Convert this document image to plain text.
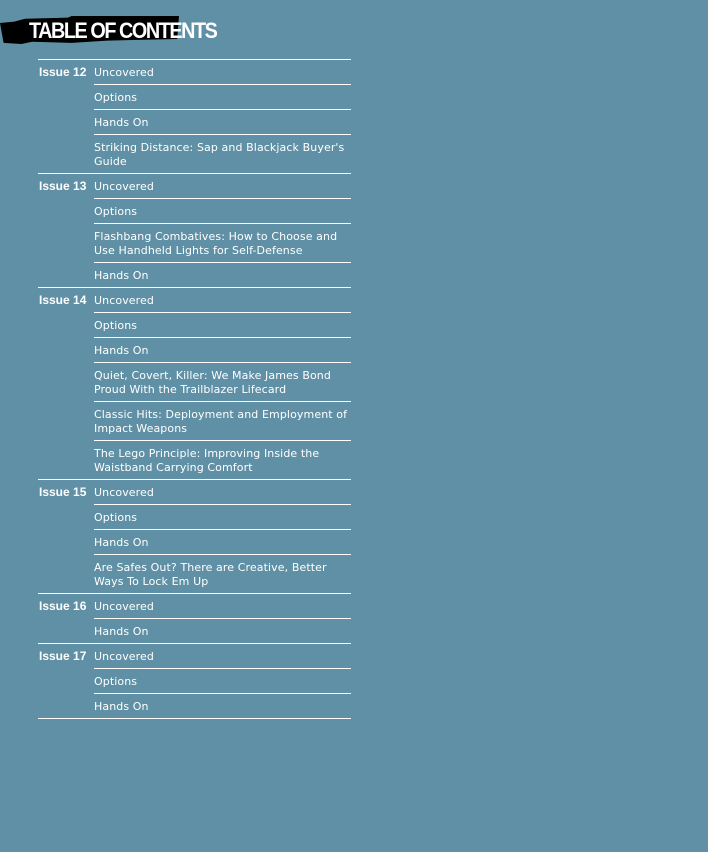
TABLE OF CONTENTS
Issue 12 Uncovered
Options
Hands On
Striking Distance: Sap and Blackjack Buyer's Guide
Issue 13 Uncovered
Options
Flashbang Combatives: How to Choose and Use Handheld Lights for Self-Defense
Hands On
Issue 14 Uncovered
Options
Hands On
Quiet, Covert, Killer: We Make James Bond Proud With the Trailblazer Lifecard
Classic Hits: Deployment and Employment of Impact Weapons
The Lego Principle: Improving Inside the Waistband Carrying Comfort
Issue 15 Uncovered
Options
Hands On
Are Safes Out? There are Creative, Better Ways To Lock Em Up
Issue 16 Uncovered
Hands On
Issue 17 Uncovered
Options
Hands On
